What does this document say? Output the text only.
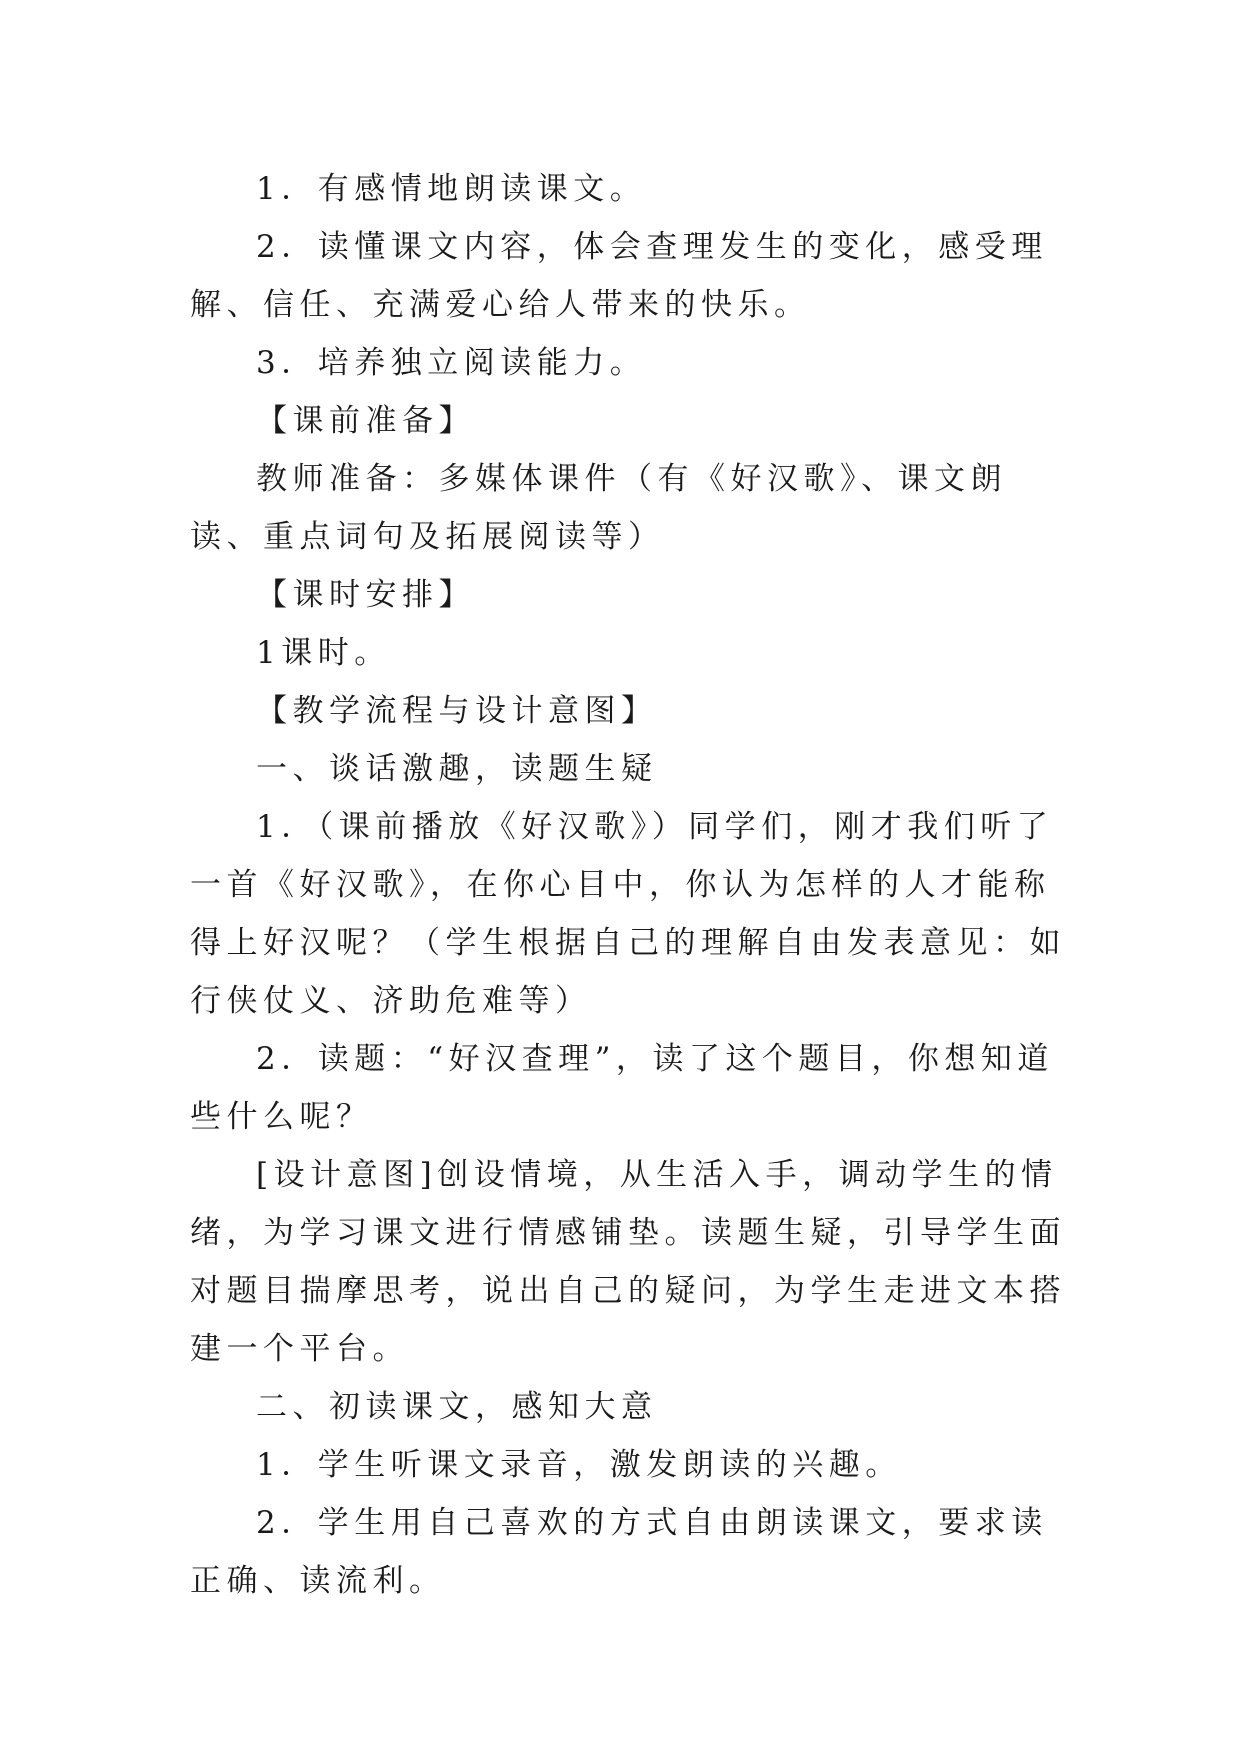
1．有感情地朗读课文。

2．读懂课文内容，体会查理发生的变化，感受理解、信任、充满爱心给人带来的快乐。

3．培养独立阅读能力。

【课前准备】

教师准备：多媒体课件（有《好汉歌》、课文朗读、重点词句及拓展阅读等）

【课时安排】

1课时。

【教学流程与设计意图】

一、谈话激趣，读题生疑

1．（课前播放《好汉歌》）同学们，刚才我们听了一首《好汉歌》，在你心目中，你认为怎样的人才能称得上好汉呢？（学生根据自己的理解自由发表意见：如行侠仗义、济助危难等）

2．读题：“好汉查理”，读了这个题目，你想知道些什么呢？

[设计意图]创设情境，从生活入手，调动学生的情绪，为学习课文进行情感铺垫。读题生疑，引导学生面对题目揣摩思考，说出自己的疑问，为学生走进文本搭建一个平台。

二、初读课文，感知大意

1．学生听课文录音，激发朗读的兴趣。

2．学生用自己喜欢的方式自由朗读课文，要求读正确、读流利。
